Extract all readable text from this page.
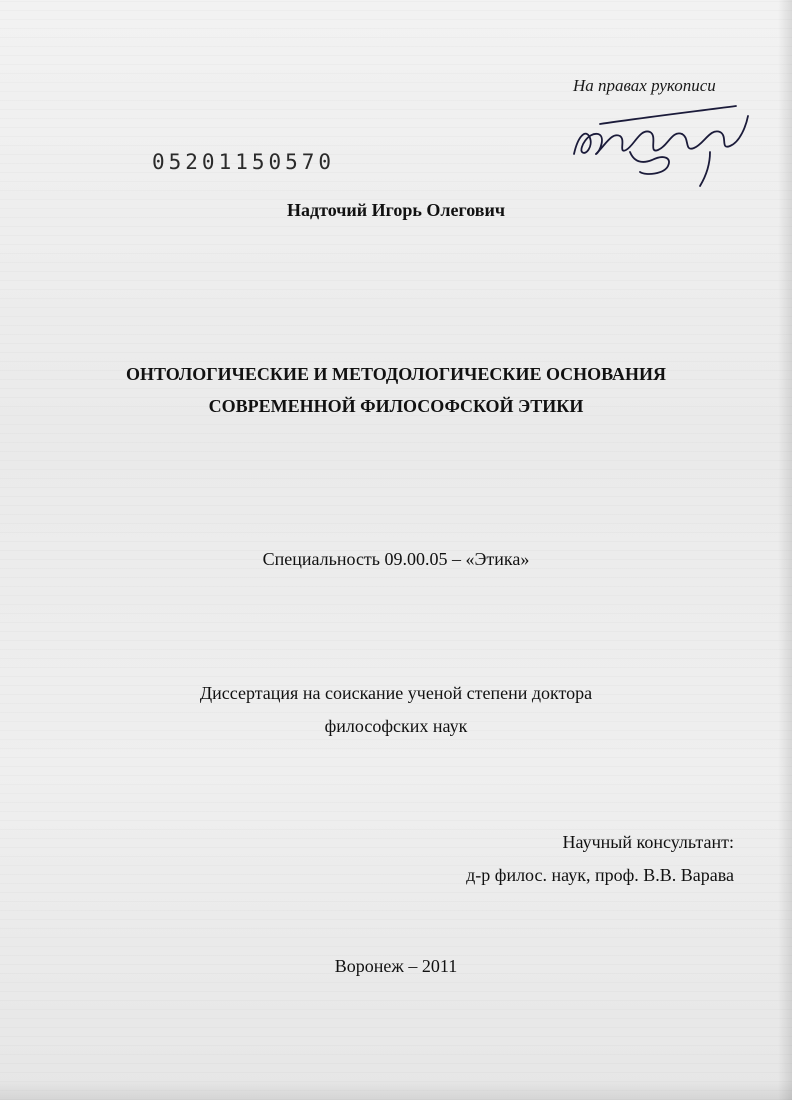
На правах рукописи
05201150570
Надточий Игорь Олегович
ОНТОЛОГИЧЕСКИЕ И МЕТОДОЛОГИЧЕСКИЕ ОСНОВАНИЯ
СОВРЕМЕННОЙ ФИЛОСОФСКОЙ ЭТИКИ
Специальность 09.00.05 – «Этика»
Диссертация на соискание ученой степени доктора
философских наук
Научный консультант:
д-р филос. наук, проф. В.В. Варава
Воронеж – 2011
